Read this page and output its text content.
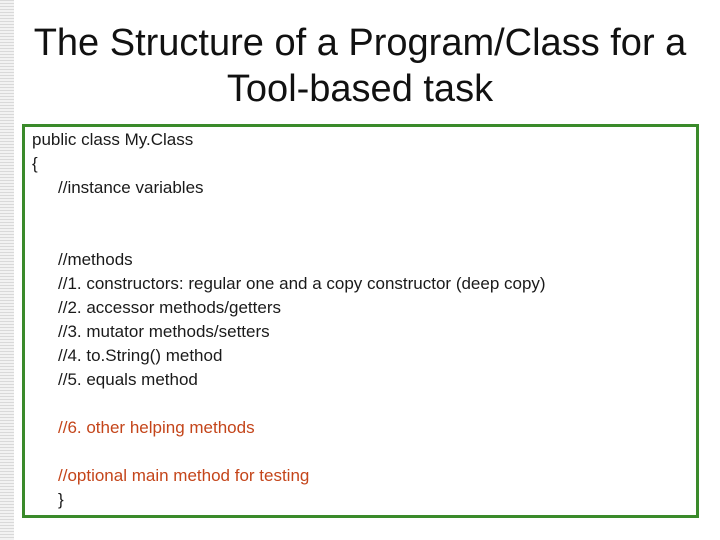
The Structure of a Program/Class for a
Tool-based task
public class My.Class
{
//instance variables
//methods
//1. constructors: regular one and a copy constructor (deep copy)
//2. accessor methods/getters
//3. mutator methods/setters
//4. to.String() method
//5. equals method
//6. other helping methods
//optional main method for testing
}
